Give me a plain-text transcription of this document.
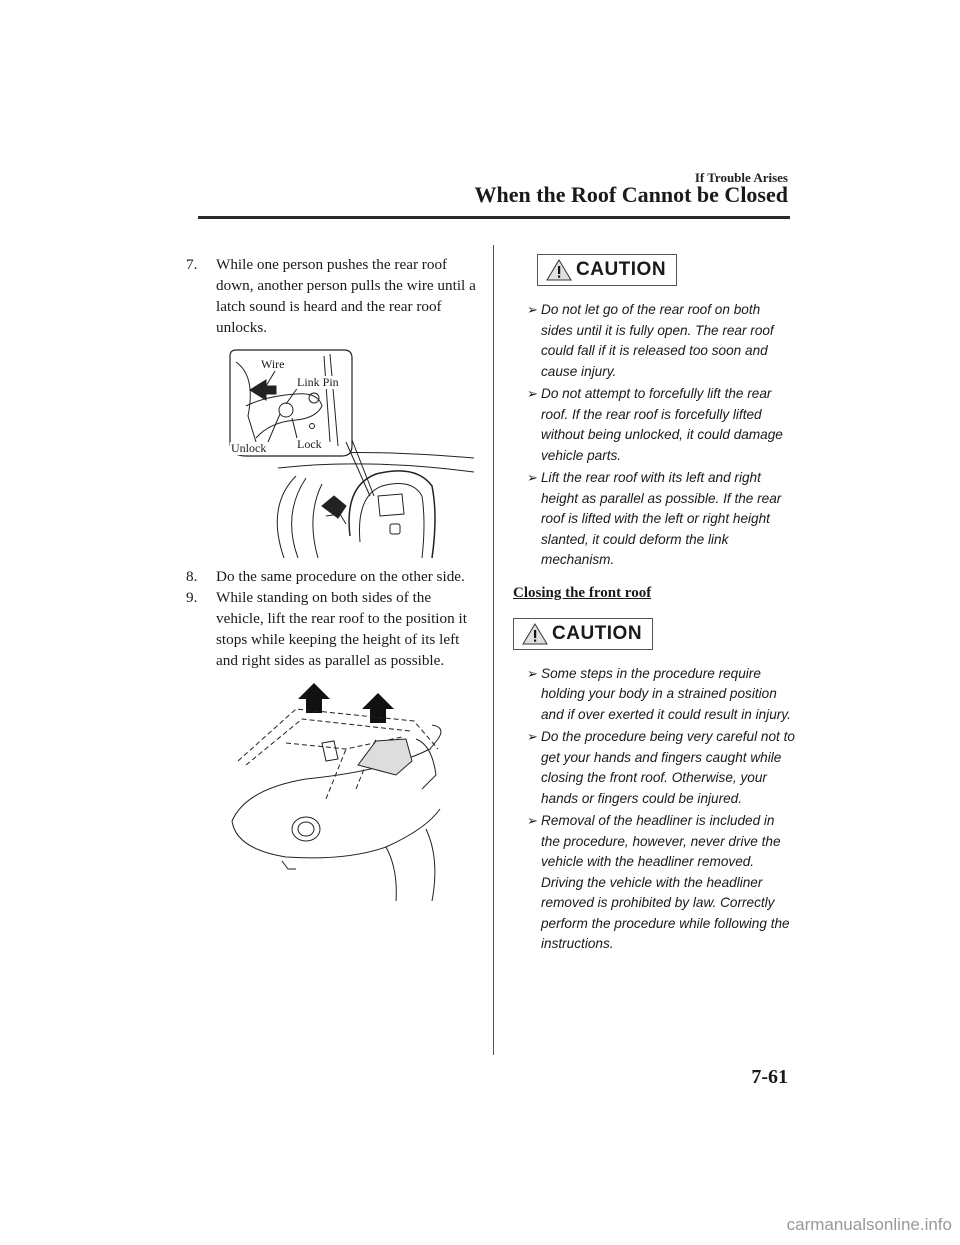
If Trouble Arises
When the Roof Cannot be Closed

7. While one person pushes the rear roof down, another person pulls the wire until a latch sound is heard and the rear roof unlocks.

Wire
Link Pin
Unlock	Lock

8. Do the same procedure on the other side.

9. While standing on both sides of the vehicle, lift the rear roof to the position it stops while keeping the height of its left and right sides as parallel as possible.

CAUTION
➢ Do not let go of the rear roof on both sides until it is fully open. The rear roof could fall if it is released too soon and cause injury.
➢ Do not attempt to forcefully lift the rear roof. If the rear roof is forcefully lifted without being unlocked, it could damage vehicle parts.
➢ Lift the rear roof with its left and right height as parallel as possible. If the rear roof is lifted with the left or right height slanted, it could deform the link mechanism.
Closing the front roof
CAUTION
➢ Some steps in the procedure require holding your body in a strained position and if over exerted it could result in injury.
➢ Do the procedure being very careful not to get your hands and fingers caught while closing the front roof. Otherwise, your hands or fingers could be injured.
➢ Removal of the headliner is included in the procedure, however, never drive the vehicle with the headliner removed. Driving the vehicle with the headliner removed is prohibited by law. Correctly perform the procedure while following the instructions.
7-61
carmanualsonline.info
